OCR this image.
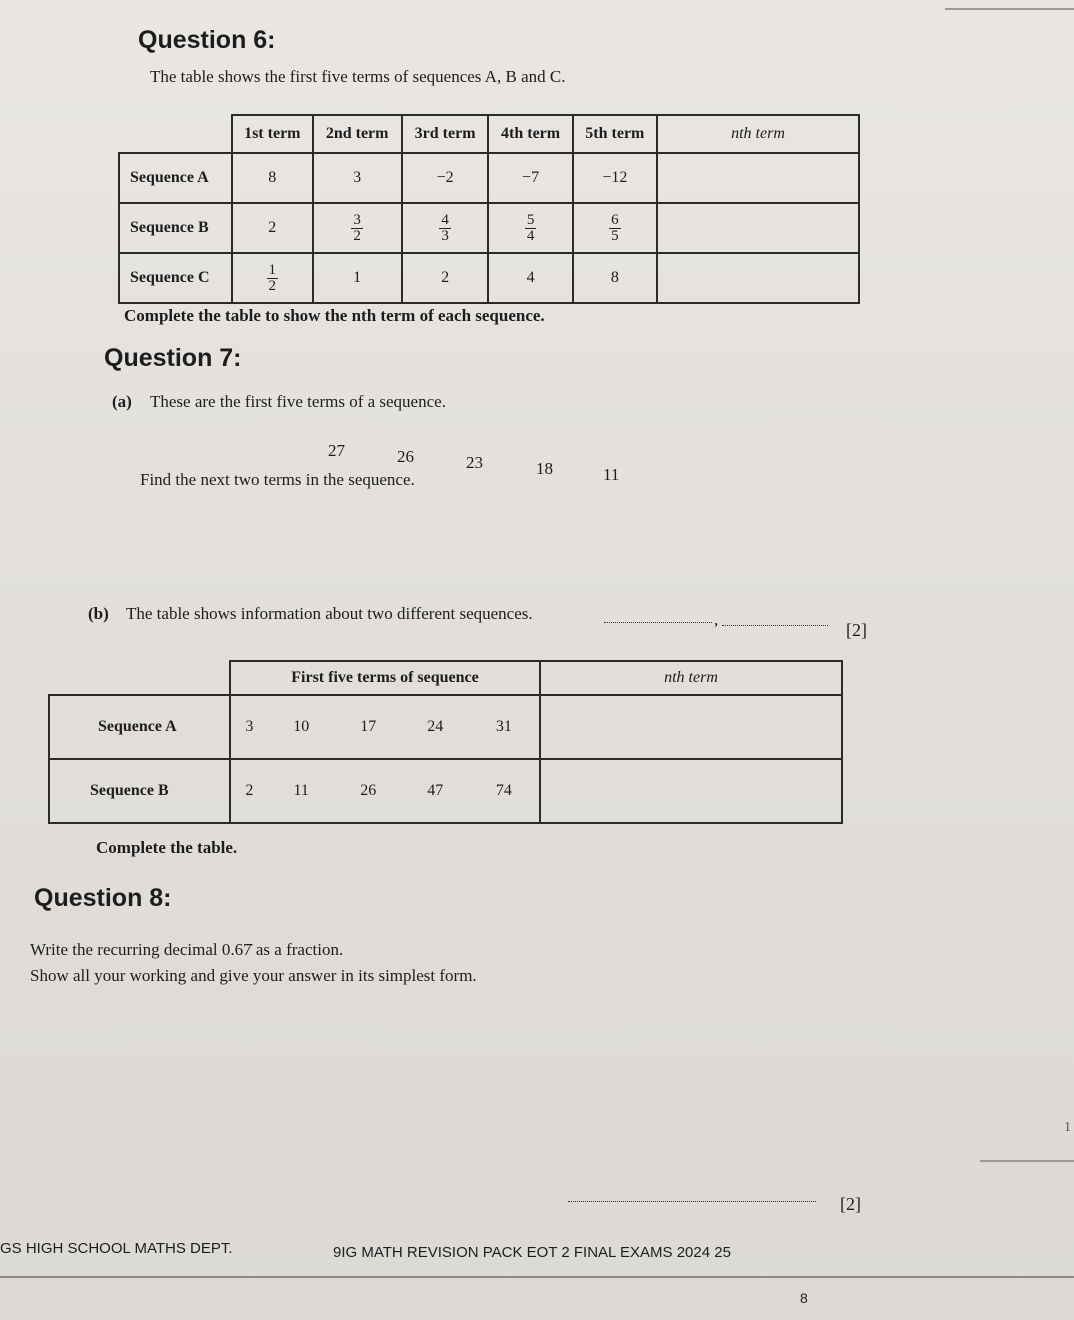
Question 6:
The table shows the first five terms of sequences A, B and C.
	1st term	2nd term	3rd term	4th term	5th term	nth term
Sequence A	8	3	−2	−7	−12	
Sequence B	2	$\frac{3}{2}$	$\frac{4}{3}$	$\frac{5}{4}$	$\frac{6}{5}$

Sequence C	$\frac{1}{2}$	1	2	4	8	
Complete the table to show the nth term of each sequence.
Question 7:
(a) These are the first five terms of a sequence.
27	26	23	18	11
Find the next two terms in the sequence.
,
[2]
(b) The table shows information about two different sequences.
	First five terms of sequence					nth term
Sequence A	3	10	17	24	31	
Sequence B	2	11	26	47	74	
Complete the table.
Question 8:
Write the recurring decimal 0.67̇ as a fraction.
Show all your working and give your answer in its simplest form.
[2]
1
GS HIGH SCHOOL MATHS DEPT.	9IG MATH REVISION PACK EOT 2 FINAL EXAMS 2024 25
8
